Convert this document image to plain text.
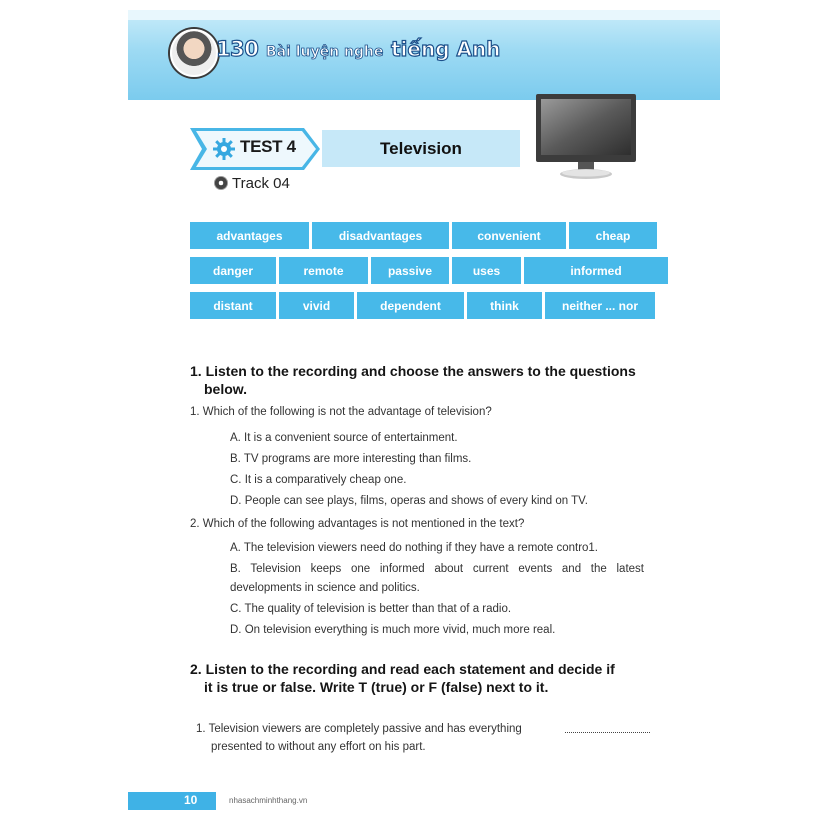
130 Bài luyện nghe tiếng Anh
TEST 4	Television
Track 04
advantages	disadvantages	convenient	cheap
danger	remote	passive	uses	informed
distant	vivid	dependent	think	neither ... nor
1. Listen to the recording and choose the answers to the questions
below.
1. Which of the following is not the advantage of television?
A. It is a convenient source of entertainment.
B. TV programs are more interesting than films.
C. It is a comparatively cheap one.
D. People can see plays, films, operas and shows of every kind on TV.
2. Which of the following advantages is not mentioned in the text?
A. The television viewers need do nothing if they have a remote contro1.
B. Television keeps one informed about current events and the latest developments in science and politics.
C. The quality of television is better than that of a radio.
D. On television everything is much more vivid, much more real.
2. Listen to the recording and read each statement and decide if
it is true or false. Write T (true) or F (false) next to it.
1. Television viewers are completely passive and has everything
presented to without any effort on his part.
10	nhasachminhthang.vn
